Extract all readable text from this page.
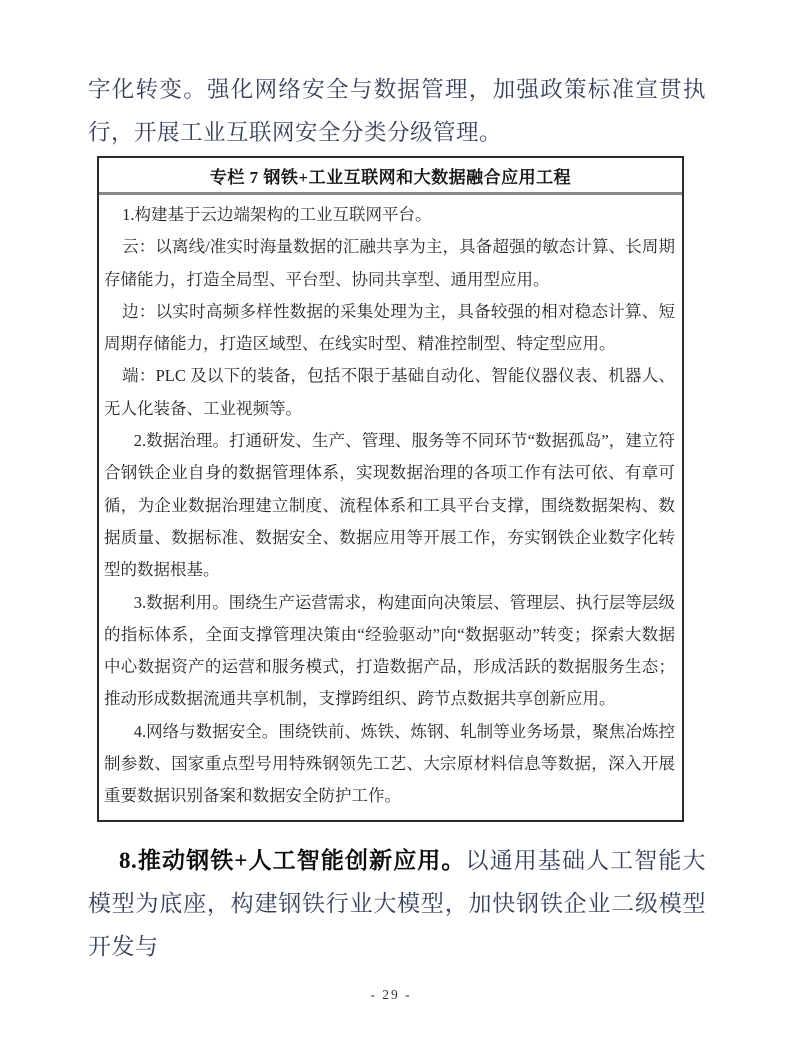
字化转变。强化网络安全与数据管理，加强政策标准宣贯执行，开展工业互联网安全分类分级管理。

专栏 7 钢铁+工业互联网和大数据融合应用工程

1.构建基于云边端架构的工业互联网平台。

云：以离线/准实时海量数据的汇融共享为主，具备超强的敏态计算、长周期存储能力，打造全局型、平台型、协同共享型、通用型应用。

边：以实时高频多样性数据的采集处理为主，具备较强的相对稳态计算、短周期存储能力，打造区域型、在线实时型、精准控制型、特定型应用。

端：PLC 及以下的装备，包括不限于基础自动化、智能仪器仪表、机器人、无人化装备、工业视频等。

2.数据治理。打通研发、生产、管理、服务等不同环节“数据孤岛”，建立符合钢铁企业自身的数据管理体系，实现数据治理的各项工作有法可依、有章可循，为企业数据治理建立制度、流程体系和工具平台支撑，围绕数据架构、数据质量、数据标准、数据安全、数据应用等开展工作，夯实钢铁企业数字化转型的数据根基。

3.数据利用。围绕生产运营需求，构建面向决策层、管理层、执行层等层级的指标体系，全面支撑管理决策由“经验驱动”向“数据驱动”转变；探索大数据中心数据资产的运营和服务模式，打造数据产品，形成活跃的数据服务生态；推动形成数据流通共享机制，支撑跨组织、跨节点数据共享创新应用。

4.网络与数据安全。围绕铁前、炼铁、炼钢、轧制等业务场景，聚焦冶炼控制参数、国家重点型号用特殊钢领先工艺、大宗原材料信息等数据，深入开展重要数据识别备案和数据安全防护工作。

8.推动钢铁+人工智能创新应用。以通用基础人工智能大模型为底座，构建钢铁行业大模型，加快钢铁企业二级模型开发与

- 29 -
